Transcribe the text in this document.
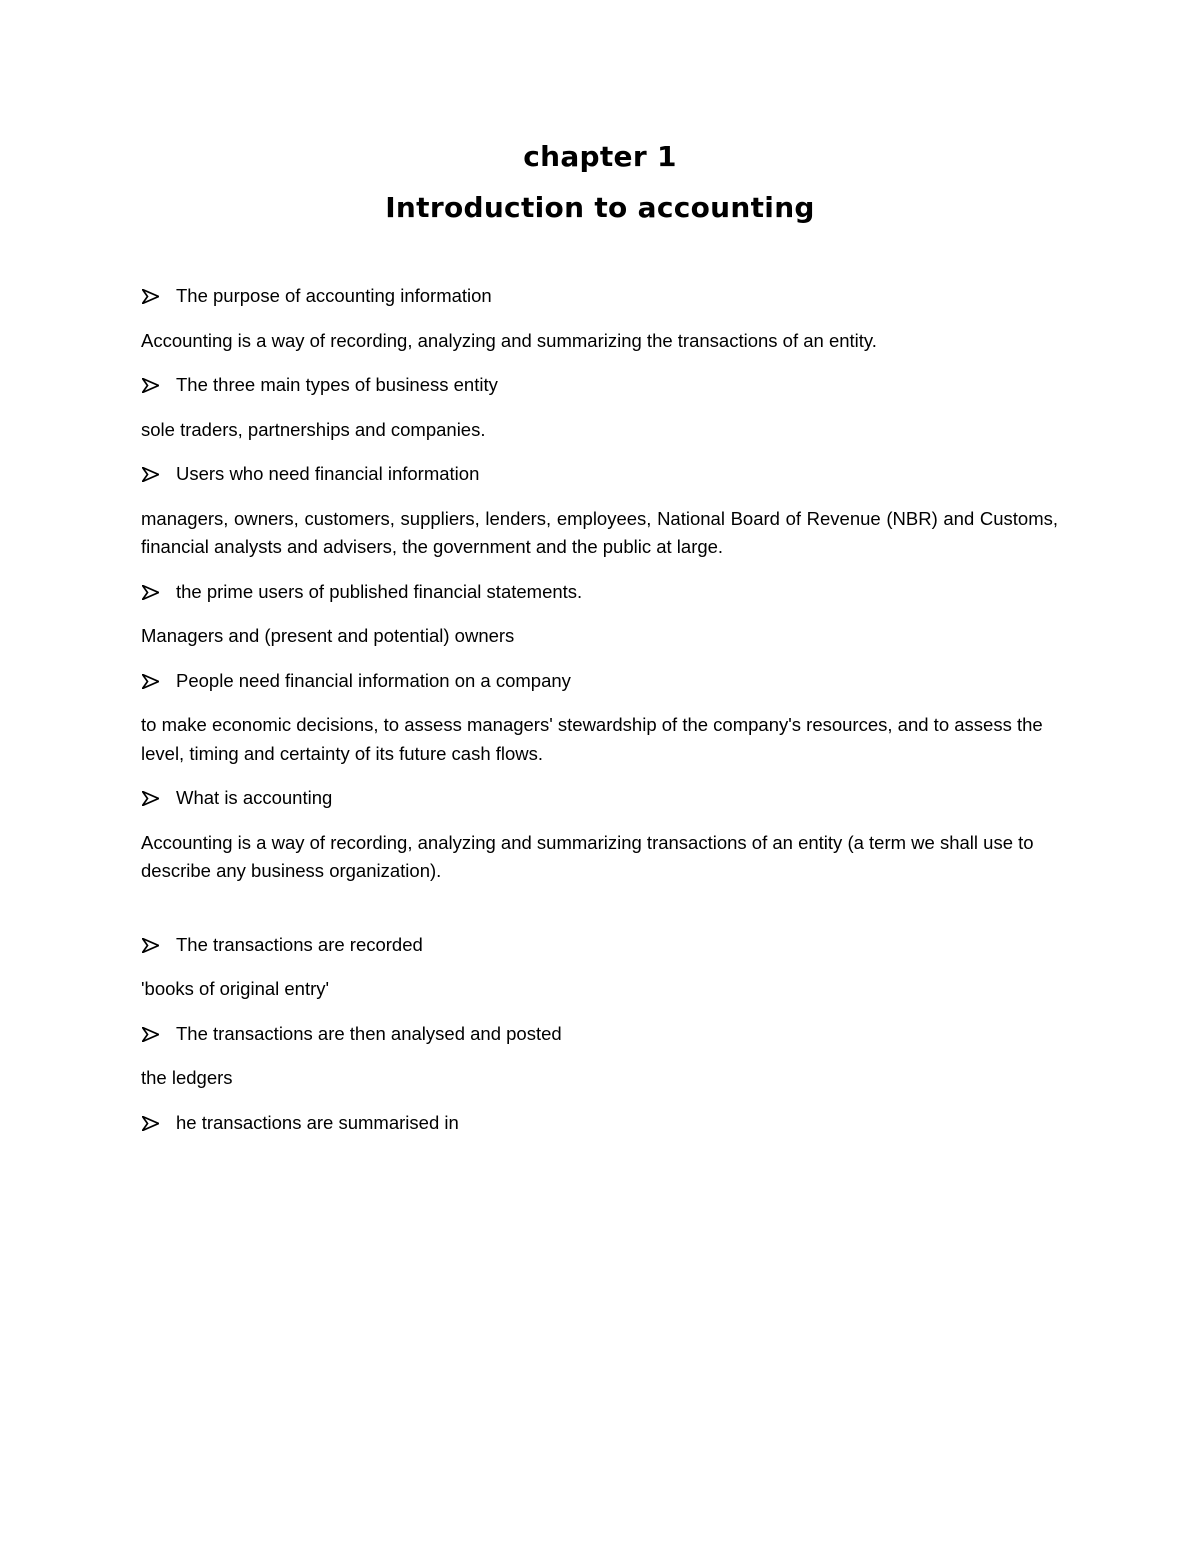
chapter 1
Introduction to accounting
The purpose of accounting information

Accounting is a way of recording, analyzing and summarizing the transactions of an entity.

The three main types of business entity

sole traders, partnerships and companies.

Users who need financial information

managers, owners, customers, suppliers, lenders, employees, National Board of Revenue (NBR) and Customs, financial analysts and advisers, the government and the public at large.

the prime users of published financial statements.

Managers and (present and potential) owners

People need financial information on a company

to make economic decisions, to assess managers' stewardship of the company's resources, and to assess the level, timing and certainty of its future cash flows.

What is accounting

Accounting is a way of recording, analyzing and summarizing transactions of an entity (a term we shall use to describe any business organization).

The transactions are recorded

'books of original entry'

The transactions are then analysed and posted

the ledgers

he transactions are summarised in
